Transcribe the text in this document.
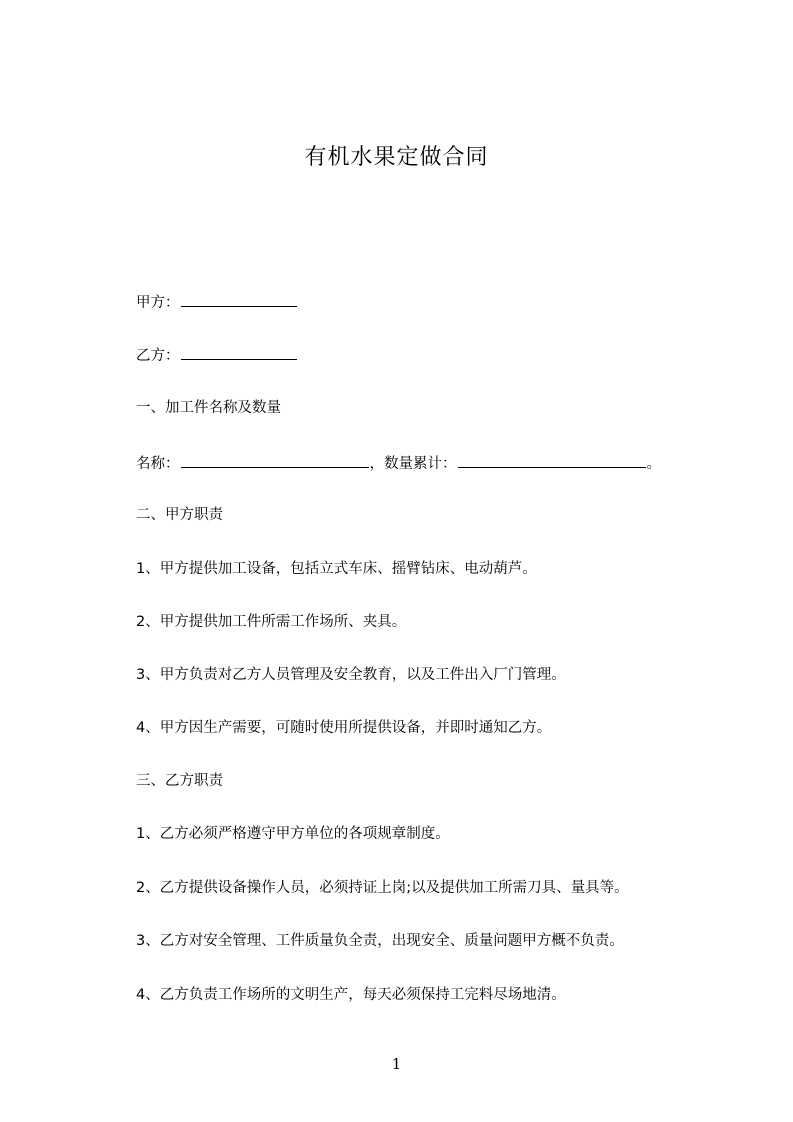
有机水果定做合同
甲方：
乙方：
一、加工件名称及数量
名称：	，数量累计：	。
二、甲方职责
1、甲方提供加工设备，包括立式车床、摇臂钻床、电动葫芦。
2、甲方提供加工件所需工作场所、夹具。
3、甲方负责对乙方人员管理及安全教育，以及工件出入厂门管理。
4、甲方因生产需要，可随时使用所提供设备，并即时通知乙方。
三、乙方职责
1、乙方必须严格遵守甲方单位的各项规章制度。
2、乙方提供设备操作人员，必须持证上岗;以及提供加工所需刀具、量具等。
3、乙方对安全管理、工件质量负全责，出现安全、质量问题甲方概不负责。
4、乙方负责工作场所的文明生产，每天必须保持工完料尽场地清。
1
